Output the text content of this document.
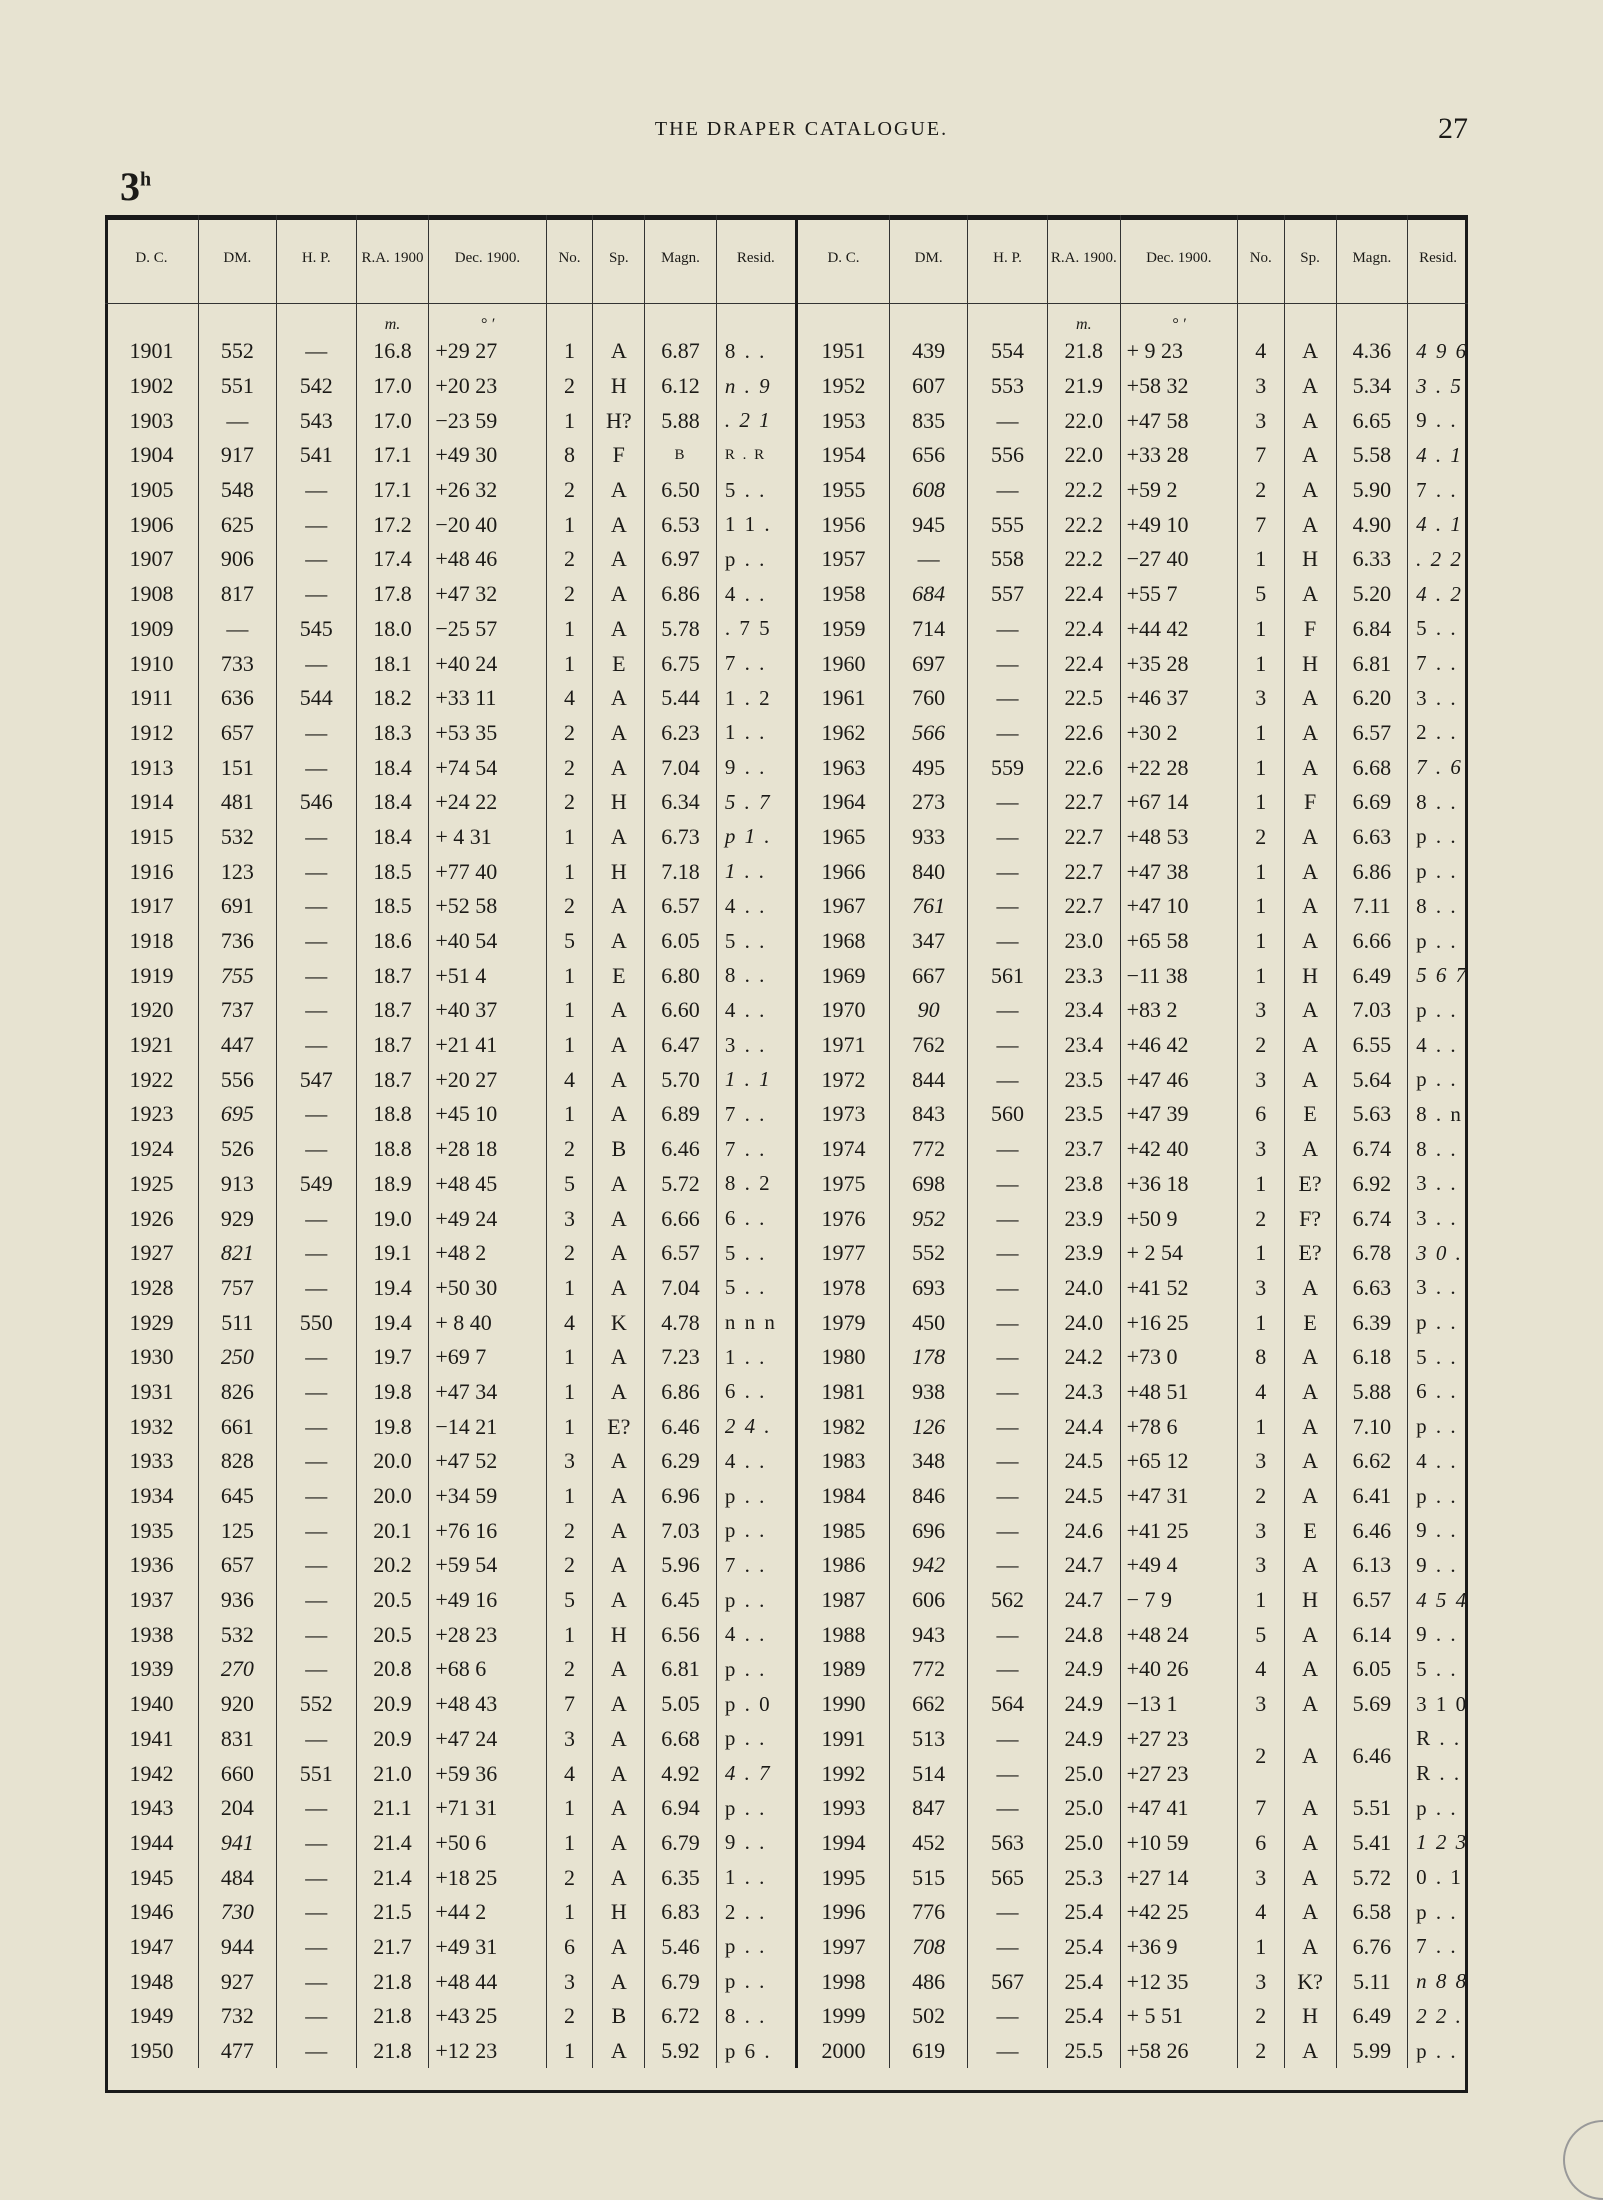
THE DRAPER CATALOGUE.	27
3$^h$
D. C.	DM.	H. P.	R.A. 1900	Dec. 1900.	No.	Sp.	Magn.	Resid.	D. C.	DM.	H. P.	R.A. 1900.	Dec. 1900.	No.	Sp.	Magn.	Resid.
			m.	° ′								m.	° ′				
1901	552	—	16.8	+29 27	1	A	6.87	8 . .	1951	439	554	21.8	+ 9 23	4	A	4.36	4 9 6
1902	551	542	17.0	+20 23	2	H	6.12	n . 9	1952	607	553	21.9	+58 32	3	A	5.34	3 . 5
1903	—	543	17.0	−23 59	1	H?	5.88	. 2 1	1953	835	—	22.0	+47 58	3	A	6.65	9 . .
1904	917	541	17.1	+49 30	8	F	B	R . R	1954	656	556	22.0	+33 28	7	A	5.58	4 . 1
1905	548	—	17.1	+26 32	2	A	6.50	5 . .	1955	608	—	22.2	+59 2	2	A	5.90	7 . .
1906	625	—	17.2	−20 40	1	A	6.53	1 1 .	1956	945	555	22.2	+49 10	7	A	4.90	4 . 1
1907	906	—	17.4	+48 46	2	A	6.97	p . .	1957	—	558	22.2	−27 40	1	H	6.33	. 2 2
1908	817	—	17.8	+47 32	2	A	6.86	4 . .	1958	684	557	22.4	+55 7	5	A	5.20	4 . 2
1909	—	545	18.0	−25 57	1	A	5.78	. 7 5	1959	714	—	22.4	+44 42	1	F	6.84	5 . .
1910	733	—	18.1	+40 24	1	E	6.75	7 . .	1960	697	—	22.4	+35 28	1	H	6.81	7 . .
1911	636	544	18.2	+33 11	4	A	5.44	1 . 2	1961	760	—	22.5	+46 37	3	A	6.20	3 . .
1912	657	—	18.3	+53 35	2	A	6.23	1 . .	1962	566	—	22.6	+30 2	1	A	6.57	2 . .
1913	151	—	18.4	+74 54	2	A	7.04	9 . .	1963	495	559	22.6	+22 28	1	A	6.68	7 . 6
1914	481	546	18.4	+24 22	2	H	6.34	5 . 7	1964	273	—	22.7	+67 14	1	F	6.69	8 . .
1915	532	—	18.4	+ 4 31	1	A	6.73	p 1 .	1965	933	—	22.7	+48 53	2	A	6.63	p . .
1916	123	—	18.5	+77 40	1	H	7.18	1 . .	1966	840	—	22.7	+47 38	1	A	6.86	p . .
1917	691	—	18.5	+52 58	2	A	6.57	4 . .	1967	761	—	22.7	+47 10	1	A	7.11	8 . .
1918	736	—	18.6	+40 54	5	A	6.05	5 . .	1968	347	—	23.0	+65 58	1	A	6.66	p . .
1919	755	—	18.7	+51 4	1	E	6.80	8 . .	1969	667	561	23.3	−11 38	1	H	6.49	5 6 7
1920	737	—	18.7	+40 37	1	A	6.60	4 . .	1970	90	—	23.4	+83 2	3	A	7.03	p . .
1921	447	—	18.7	+21 41	1	A	6.47	3 . .	1971	762	—	23.4	+46 42	2	A	6.55	4 . .
1922	556	547	18.7	+20 27	4	A	5.70	1 . 1	1972	844	—	23.5	+47 46	3	A	5.64	p . .
1923	695	—	18.8	+45 10	1	A	6.89	7 . .	1973	843	560	23.5	+47 39	6	E	5.63	8 . n
1924	526	—	18.8	+28 18	2	B	6.46	7 . .	1974	772	—	23.7	+42 40	3	A	6.74	8 . .
1925	913	549	18.9	+48 45	5	A	5.72	8 . 2	1975	698	—	23.8	+36 18	1	E?	6.92	3 . .
1926	929	—	19.0	+49 24	3	A	6.66	6 . .	1976	952	—	23.9	+50 9	2	F?	6.74	3 . .
1927	821	—	19.1	+48 2	2	A	6.57	5 . .	1977	552	—	23.9	+ 2 54	1	E?	6.78	3 0 .
1928	757	—	19.4	+50 30	1	A	7.04	5 . .	1978	693	—	24.0	+41 52	3	A	6.63	3 . .
1929	511	550	19.4	+ 8 40	4	K	4.78	n n n	1979	450	—	24.0	+16 25	1	E	6.39	p . .
1930	250	—	19.7	+69 7	1	A	7.23	1 . .	1980	178	—	24.2	+73 0	8	A	6.18	5 . .
1931	826	—	19.8	+47 34	1	A	6.86	6 . .	1981	938	—	24.3	+48 51	4	A	5.88	6 . .
1932	661	—	19.8	−14 21	1	E?	6.46	2 4 .	1982	126	—	24.4	+78 6	1	A	7.10	p . .
1933	828	—	20.0	+47 52	3	A	6.29	4 . .	1983	348	—	24.5	+65 12	3	A	6.62	4 . .
1934	645	—	20.0	+34 59	1	A	6.96	p . .	1984	846	—	24.5	+47 31	2	A	6.41	p . .
1935	125	—	20.1	+76 16	2	A	7.03	p . .	1985	696	—	24.6	+41 25	3	E	6.46	9 . .
1936	657	—	20.2	+59 54	2	A	5.96	7 . .	1986	942	—	24.7	+49 4	3	A	6.13	9 . .
1937	936	—	20.5	+49 16	5	A	6.45	p . .	1987	606	562	24.7	− 7 9	1	H	6.57	4 5 4
1938	532	—	20.5	+28 23	1	H	6.56	4 . .	1988	943	—	24.8	+48 24	5	A	6.14	9 . .
1939	270	—	20.8	+68 6	2	A	6.81	p . .	1989	772	—	24.9	+40 26	4	A	6.05	5 . .
1940	920	552	20.9	+48 43	7	A	5.05	p . 0	1990	662	564	24.9	−13 1	3	A	5.69	3 1 0
1941	831	—	20.9	+47 24	3	A	6.68	p . .	1991	513	—	24.9	+27 23	2	A	6.46	R . .
1942	660	551	21.0	+59 36	4	A	4.92	4 . 7	1992	514	—	25.0	+27 23				R . .
1943	204	—	21.1	+71 31	1	A	6.94	p . .	1993	847	—	25.0	+47 41	7	A	5.51	p . .
1944	941	—	21.4	+50 6	1	A	6.79	9 . .	1994	452	563	25.0	+10 59	6	A	5.41	1 2 3
1945	484	—	21.4	+18 25	2	A	6.35	1 . .	1995	515	565	25.3	+27 14	3	A	5.72	0 . 1
1946	730	—	21.5	+44 2	1	H	6.83	2 . .	1996	776	—	25.4	+42 25	4	A	6.58	p . .
1947	944	—	21.7	+49 31	6	A	5.46	p . .	1997	708	—	25.4	+36 9	1	A	6.76	7 . .
1948	927	—	21.8	+48 44	3	A	6.79	p . .	1998	486	567	25.4	+12 35	3	K?	5.11	n 8 8
1949	732	—	21.8	+43 25	2	B	6.72	8 . .	1999	502	—	25.4	+ 5 51	2	H	6.49	2 2 .
1950	477	—	21.8	+12 23	1	A	5.92	p 6 .	2000	619	—	25.5	+58 26	2	A	5.99	p . .
